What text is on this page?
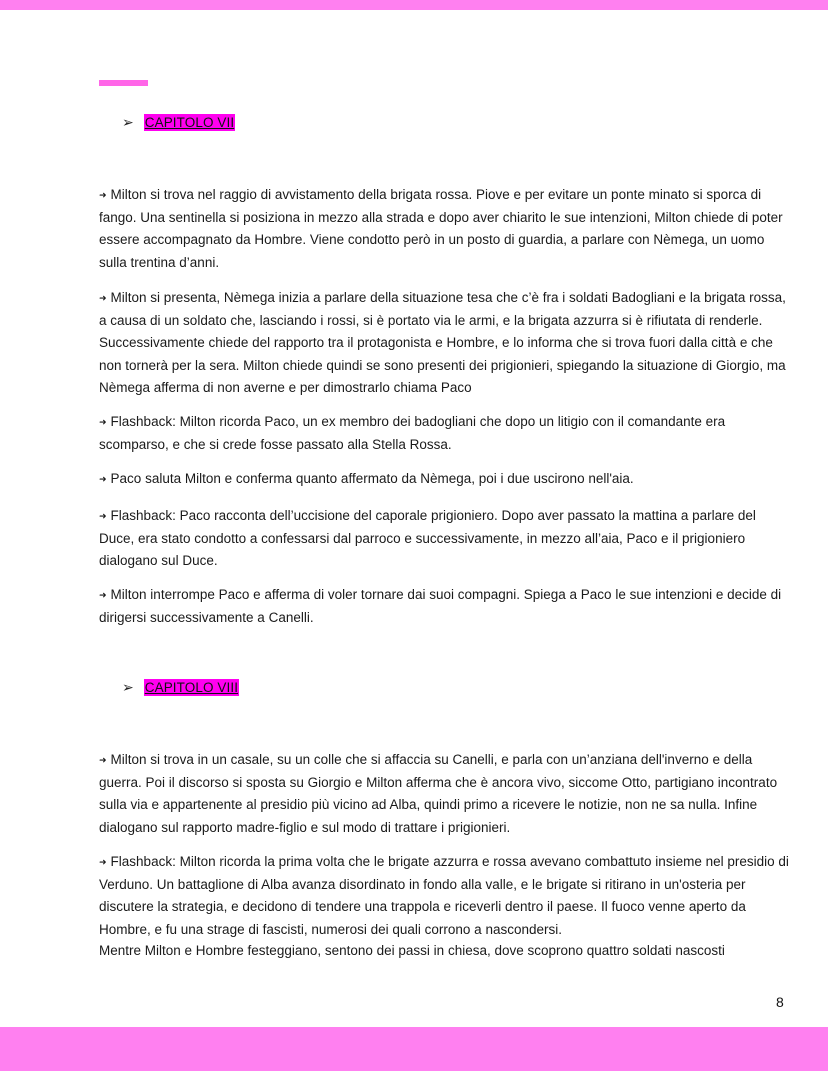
➢ CAPITOLO VII

➜ Milton si trova nel raggio di avvistamento della brigata rossa. Piove e per evitare un ponte minato si sporca di fango. Una sentinella si posiziona in mezzo alla strada e dopo aver chiarito le sue intenzioni, Milton chiede di poter essere accompagnato da Hombre. Viene condotto però in un posto di guardia, a parlare con Nèmega, un uomo sulla trentina d’anni.

➜ Milton si presenta, Nèmega inizia a parlare della situazione tesa che c’è fra i soldati Badogliani e la brigata rossa, a causa di un soldato che, lasciando i rossi, si è portato via le armi, e la brigata azzurra si è rifiutata di renderle. Successivamente chiede del rapporto tra il protagonista e Hombre, e lo informa che si trova fuori dalla città e che non tornerà per la sera. Milton chiede quindi se sono presenti dei prigionieri, spiegando la situazione di Giorgio, ma Nèmega afferma di non averne e per dimostrarlo chiama Paco

➜ Flashback: Milton ricorda Paco, un ex membro dei badogliani che dopo un litigio con il comandante era scomparso, e che si crede fosse passato alla Stella Rossa.

➜ Paco saluta Milton e conferma quanto affermato da Nèmega, poi i due uscirono nell'aia.

➜ Flashback: Paco racconta dell’uccisione del caporale prigioniero. Dopo aver passato la mattina a parlare del Duce, era stato condotto a confessarsi dal parroco e successivamente, in mezzo all’aia, Paco e il prigioniero dialogano sul Duce.

➜ Milton interrompe Paco e afferma di voler tornare dai suoi compagni. Spiega a Paco le sue intenzioni e decide di dirigersi successivamente a Canelli.

➢ CAPITOLO VIII

➜ Milton si trova in un casale, su un colle che si affaccia su Canelli, e parla con un’anziana dell'inverno e della guerra. Poi il discorso si sposta su Giorgio e Milton afferma che è ancora vivo, siccome Otto, partigiano incontrato sulla via e appartenente al presidio più vicino ad Alba, quindi primo a ricevere le notizie, non ne sa nulla. Infine dialogano sul rapporto madre-figlio e sul modo di trattare i prigionieri.

➜ Flashback: Milton ricorda la prima volta che le brigate azzurra e rossa avevano combattuto insieme nel presidio di Verduno. Un battaglione di Alba avanza disordinato in fondo alla valle, e le brigate si ritirano in un'osteria per discutere la strategia, e decidono di tendere una trappola e riceverli dentro il paese. Il fuoco venne aperto da Hombre, e fu una strage di fascisti, numerosi dei quali corrono a nascondersi.

Mentre Milton e Hombre festeggiano, sentono dei passi in chiesa, dove scoprono quattro soldati nascosti

8
